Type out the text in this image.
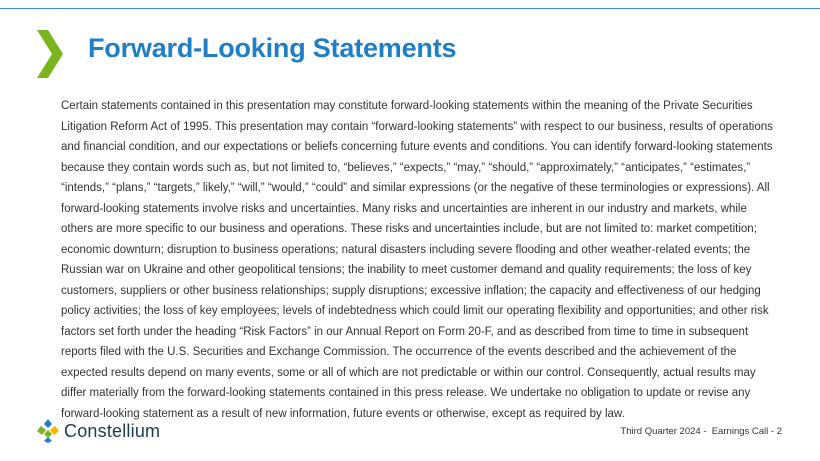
Forward-Looking Statements

Certain statements contained in this presentation may constitute forward-looking statements within the meaning of the Private Securities Litigation Reform Act of 1995. This presentation may contain “forward-looking statements” with respect to our business, results of operations and financial condition, and our expectations or beliefs concerning future events and conditions. You can identify forward-looking statements because they contain words such as, but not limited to, “believes,” “expects,” “may,” “should,” “approximately,” “anticipates,” “estimates,” “intends,” “plans,” “targets,” likely,” “will,” “would,” “could” and similar expressions (or the negative of these terminologies or expressions). All forward-looking statements involve risks and uncertainties. Many risks and uncertainties are inherent in our industry and markets, while others are more specific to our business and operations. These risks and uncertainties include, but are not limited to: market competition; economic downturn; disruption to business operations; natural disasters including severe flooding and other weather-related events; the Russian war on Ukraine and other geopolitical tensions; the inability to meet customer demand and quality requirements; the loss of key customers, suppliers or other business relationships; supply disruptions; excessive inflation; the capacity and effectiveness of our hedging policy activities; the loss of key employees; levels of indebtedness which could limit our operating flexibility and opportunities; and other risk factors set forth under the heading “Risk Factors” in our Annual Report on Form 20-F, and as described from time to time in subsequent reports filed with the U.S. Securities and Exchange Commission. The occurrence of the events described and the achievement of the expected results depend on many events, some or all of which are not predictable or within our control. Consequently, actual results may differ materially from the forward-looking statements contained in this press release. We undertake no obligation to update or revise any forward-looking statement as a result of new information, future events or otherwise, except as required by law.

Constellium	Third Quarter 2024 -  Earnings Call - 2
